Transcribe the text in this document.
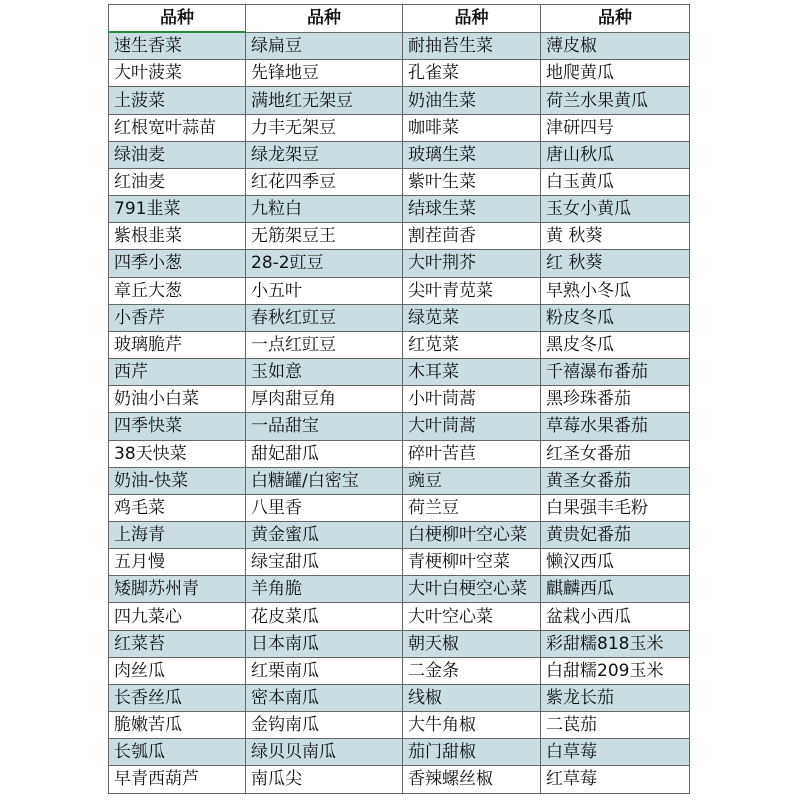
品种	品种	品种	品种
速生香菜	绿扁豆	耐抽苔生菜	薄皮椒
大叶菠菜	先锋地豆	孔雀菜	地爬黄瓜
土菠菜	满地红无架豆	奶油生菜	荷兰水果黄瓜
红根宽叶蒜苗	力丰无架豆	咖啡菜	津研四号
绿油麦	绿龙架豆	玻璃生菜	唐山秋瓜
红油麦	红花四季豆	紫叶生菜	白玉黄瓜
791韭菜	九粒白	结球生菜	玉女小黄瓜
紫根韭菜	无筋架豆王	割茬茴香	黄 秋葵
四季小葱	28-2豇豆	大叶荆芥	红 秋葵
章丘大葱	小五叶	尖叶青苋菜	早熟小冬瓜
小香芹	春秋红豇豆	绿苋菜	粉皮冬瓜
玻璃脆芹	一点红豇豆	红苋菜	黑皮冬瓜
西芹	玉如意	木耳菜	千禧瀑布番茄
奶油小白菜	厚肉甜豆角	小叶茼蒿	黑珍珠番茄
四季快菜	一品甜宝	大叶茼蒿	草莓水果番茄
38天快菜	甜妃甜瓜	碎叶苦苣	红圣女番茄
奶油-快菜	白糖罐/白密宝	豌豆	黄圣女番茄
鸡毛菜	八里香	荷兰豆	白果强丰毛粉
上海青	黄金蜜瓜	白梗柳叶空心菜	黄贵妃番茄
五月慢	绿宝甜瓜	青梗柳叶空菜	懒汉西瓜
矮脚苏州青	羊角脆	大叶白梗空心菜	麒麟西瓜
四九菜心	花皮菜瓜	大叶空心菜	盆栽小西瓜
红菜苔	日本南瓜	朝天椒	彩甜糯818玉米
肉丝瓜	红栗南瓜	二金条	白甜糯209玉米
长香丝瓜	密本南瓜	线椒	紫龙长茄
脆嫩苦瓜	金钩南瓜	大牛角椒	二苠茄
长瓠瓜	绿贝贝南瓜	茄门甜椒	白草莓
早青西葫芦	南瓜尖	香辣螺丝椒	红草莓
